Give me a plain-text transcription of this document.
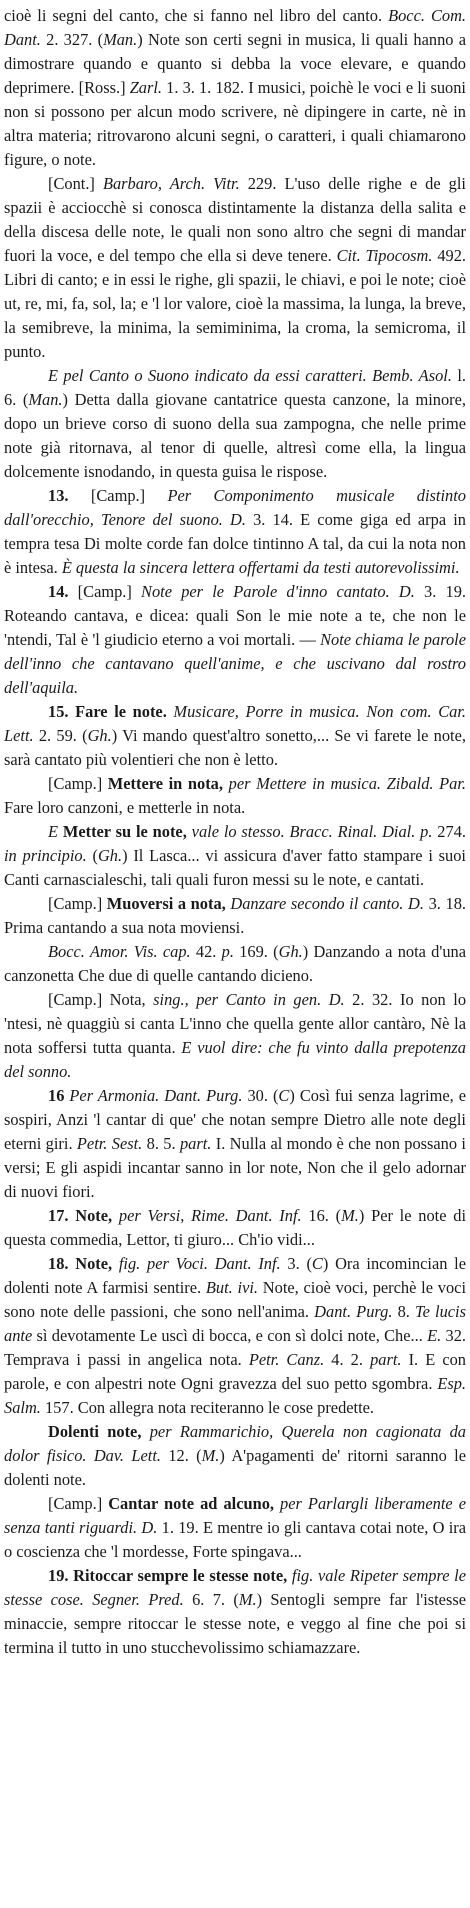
cioè li segni del canto, che si fanno nel libro del canto. Bocc. Com. Dant. 2. 327. (Man.) Note son certi segni in musica, li quali hanno a dimostrare quando e quanto si debba la voce elevare, e quando deprimere. [Ross.] Zarl. 1. 3. 1. 182. I musici, poichè le voci e li suoni non si possono per alcun modo scrivere, nè dipingere in carte, nè in altra materia; ritrovarono alcuni segni, o caratteri, i quali chiamarono figure, o note.

[Cont.] Barbaro, Arch. Vitr. 229. L'uso delle righe e de gli spazii è acciocchè si conosca distintamente la distanza della salita e della discesa delle note, le quali non sono altro che segni di mandar fuori la voce, e del tempo che ella si deve tenere. Cit. Tipocosm. 492. Libri di canto; e in essi le righe, gli spazii, le chiavi, e poi le note; cioè ut, re, mi, fa, sol, la; e 'l lor valore, cioè la massima, la lunga, la breve, la semibreve, la minima, la semiminima, la croma, la semicroma, il punto.

E pel Canto o Suono indicato da essi caratteri. Bemb. Asol. l. 6. (Man.) Detta dalla giovane cantatrice questa canzone, la minore, dopo un brieve corso di suono della sua zampogna, che nelle prime note già ritornava, al tenor di quelle, altresì come ella, la lingua dolcemente isnodando, in questa guisa le rispose.

13. [Camp.] Per Componimento musicale distinto dall'orecchio, Tenore del suono. D. 3. 14. E come giga ed arpa in tempra tesa Di molte corde fan dolce tintinno A tal, da cui la nota non è intesa. È questa la sincera lettera offertami da testi autorevolissimi.

14. [Camp.] Note per le Parole d'inno cantato. D. 3. 19. Roteando cantava, e dicea: quali Son le mie note a te, che non le 'ntendi, Tal è 'l giudicio eterno a voi mortali. — Note chiama le parole dell'inno che cantavano quell'anime, e che uscivano dal rostro dell'aquila.

15. Fare le note. Musicare, Porre in musica. Non com. Car. Lett. 2. 59. (Gh.) Vi mando quest'altro sonetto,... Se vi farete le note, sarà cantato più volentieri che non è letto.

[Camp.] Mettere in nota, per Mettere in musica. Zibald. Par. Fare loro canzoni, e metterle in nota.

E Metter su le note, vale lo stesso. Bracc. Rinal. Dial. p. 274. in principio. (Gh.) Il Lasca... vi assicura d'aver fatto stampare i suoi Canti carnascialeschi, tali quali furon messi su le note, e cantati.

[Camp.] Muoversi a nota, Danzare secondo il canto. D. 3. 18. Prima cantando a sua nota moviensi.

Bocc. Amor. Vis. cap. 42. p. 169. (Gh.) Danzando a nota d'una canzonetta Che due di quelle cantando dicieno.

[Camp.] Nota, sing., per Canto in gen. D. 2. 32. Io non lo 'ntesi, nè quaggiù si canta L'inno che quella gente allor cantàro, Nè la nota soffersi tutta quanta. E vuol dire: che fu vinto dalla prepotenza del sonno.

16 Per Armonia. Dant. Purg. 30. (C) Così fui senza lagrime, e sospiri, Anzi 'l cantar di que' che notan sempre Dietro alle note degli eterni giri. Petr. Sest. 8. 5. part. I. Nulla al mondo è che non possano i versi; E gli aspidi incantar sanno in lor note, Non che il gelo adornar di nuovi fiori.

17. Note, per Versi, Rime. Dant. Inf. 16. (M.) Per le note di questa commedia, Lettor, ti giuro... Ch'io vidi...

18. Note, fig. per Voci. Dant. Inf. 3. (C) Ora incomincian le dolenti note A farmisi sentire. But. ivi. Note, cioè voci, perchè le voci sono note delle passioni, che sono nell'anima. Dant. Purg. 8. Te lucis ante sì devotamente Le uscì di bocca, e con sì dolci note, Che... E. 32. Temprava i passi in angelica nota. Petr. Canz. 4. 2. part. I. E con parole, e con alpestri note Ogni gravezza del suo petto sgombra. Esp. Salm. 157. Con allegra nota reciteranno le cose predette.

Dolenti note, per Rammarichio, Querela non cagionata da dolor fisico. Dav. Lett. 12. (M.) A'pagamenti de' ritorni saranno le dolenti note.

[Camp.] Cantar note ad alcuno, per Parlargli liberamente e senza tanti riguardi. D. 1. 19. E mentre io gli cantava cotai note, O ira o coscienza che 'l mordesse, Forte spingava...

19. Ritoccar sempre le stesse note, fig. vale Ripeter sempre le stesse cose. Segner. Pred. 6. 7. (M.) Sentogli sempre far l'istesse minaccie, sempre ritoccar le stesse note, e veggo al fine che poi si termina il tutto in uno stucchevolissimo schiamazzare.
